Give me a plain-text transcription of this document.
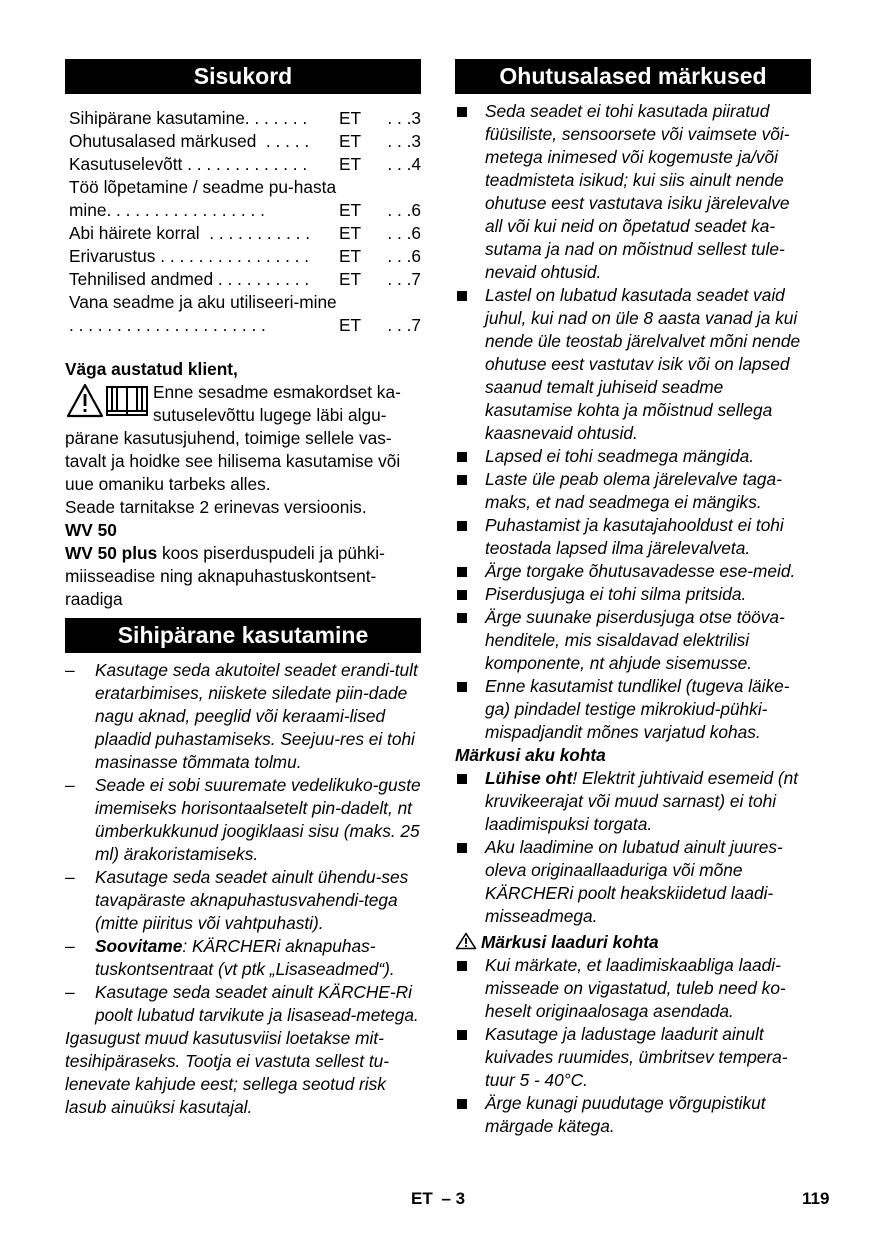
Sisukord
Sihipärane kasutamine. . . . . . .	ET	. . .3
Ohutusalased märkused  . . . . .	ET	. . .3
Kasutuselevõtt . . . . . . . . . . . . .	ET	. . .4
Töö lõpetamine / seadme pu-hastamine. . . . . . . . . . . . . . . . .	ET	. . .6
Abi häirete korral  . . . . . . . . . . .	ET	. . .6
Erivarustus . . . . . . . . . . . . . . . .	ET	. . .6
Tehnilised andmed . . . . . . . . . .	ET	. . .7
Vana seadme ja aku utiliseeri-mine . . . . . . . . . . . . . . . . . . . . .	ET	. . .7

Väga austatud klient,

Enne sesadme esmakordset ka-sutuselevõttu lugege läbi algu-

pärane kasutusjuhend, toimige sellele vas-tavalt ja hoidke see hilisema kasutamise või uue omaniku tarbeks alles.

Seade tarnitakse 2 erinevas versioonis.

WV 50

WV 50 plus koos piserduspudeli ja pühki-miisseadise ning aknapuhastuskontsent-raadiga

Sihipärane kasutamine
– Kasutage seda akutoitel seadet erandi-tult eratarbimises, niiskete siledate piin-dade nagu aknad, peeglid või keraami-lised plaadid puhastamiseks. Seejuu-res ei tohi masinasse tõmmata tolmu.
– Seade ei sobi suuremate vedelikuko-guste imemiseks horisontaalsetelt pin-dadelt, nt ümberkukkunud joogiklaasi sisu (maks. 25 ml) ärakoristamiseks.
– Kasutage seda seadet ainult ühendu-ses tavapäraste aknapuhastusvahendi-tega (mitte piiritus või vahtpuhasti).
– Soovitame: KÄRCHERi aknapuhas-tuskontsentraat (vt ptk „Lisaseadmed“).
– Kasutage seda seadet ainult KÄRCHE-Ri poolt lubatud tarvikute ja lisasead-metega.

Igasugust muud kasutusviisi loetakse mit-tesihipäraseks. Tootja ei vastuta sellest tu-lenevate kahjude eest; sellega seotud risk lasub ainuüksi kasutajal.

Ohutusalased märkused
Seda seadet ei tohi kasutada piiratud füüsiliste, sensoorsete või vaimsete või-metega inimesed või kogemuste ja/või teadmisteta isikud; kui siis ainult nende ohutuse eest vastutava isiku järelevalve all või kui neid on õpetatud seadet ka-sutama ja nad on mõistnud sellest tule-nevaid ohtusid.
Lastel on lubatud kasutada seadet vaid juhul, kui nad on üle 8 aasta vanad ja kui nende üle teostab järelvalvet mõni nende ohutuse eest vastutav isik või on lapsed saanud temalt juhiseid seadme kasutamise kohta ja mõistnud sellega kaasnevaid ohtusid.
Lapsed ei tohi seadmega mängida.
Laste üle peab olema järelevalve taga-maks, et nad seadmega ei mängiks.
Puhastamist ja kasutajahooldust ei tohi teostada lapsed ilma järelevalveta.
Ärge torgake õhutusavadesse ese-meid.
Piserdusjuga ei tohi silma pritsida.
Ärge suunake piserdusjuga otse tööva-henditele, mis sisaldavad elektrilisi komponente, nt ahjude sisemusse.
Enne kasutamist tundlikel (tugeva läike-ga) pindadel testige mikrokiud-pühki-mispadjandit mõnes varjatud kohas.

Märkusi aku kohta

Lühise oht! Elektrit juhtivaid esemeid (nt kruvikeerajat või muud sarnast) ei tohi laadimispuksi torgata.
Aku laadimine on lubatud ainult juures-oleva originaallaaduriga või mõne KÄRCHERi poolt heakskiidetud laadi-misseadmega.

Märkusi laaduri kohta

Kui märkate, et laadimiskaabliga laadi-misseade on vigastatud, tuleb need ko-heselt originaalosaga asendada.
Kasutage ja ladustage laadurit ainult kuivades ruumides, ümbritsev tempera-tuur 5 - 40°C.
Ärge kunagi puudutage võrgupistikut märgade kätega.
ET – 3	119
